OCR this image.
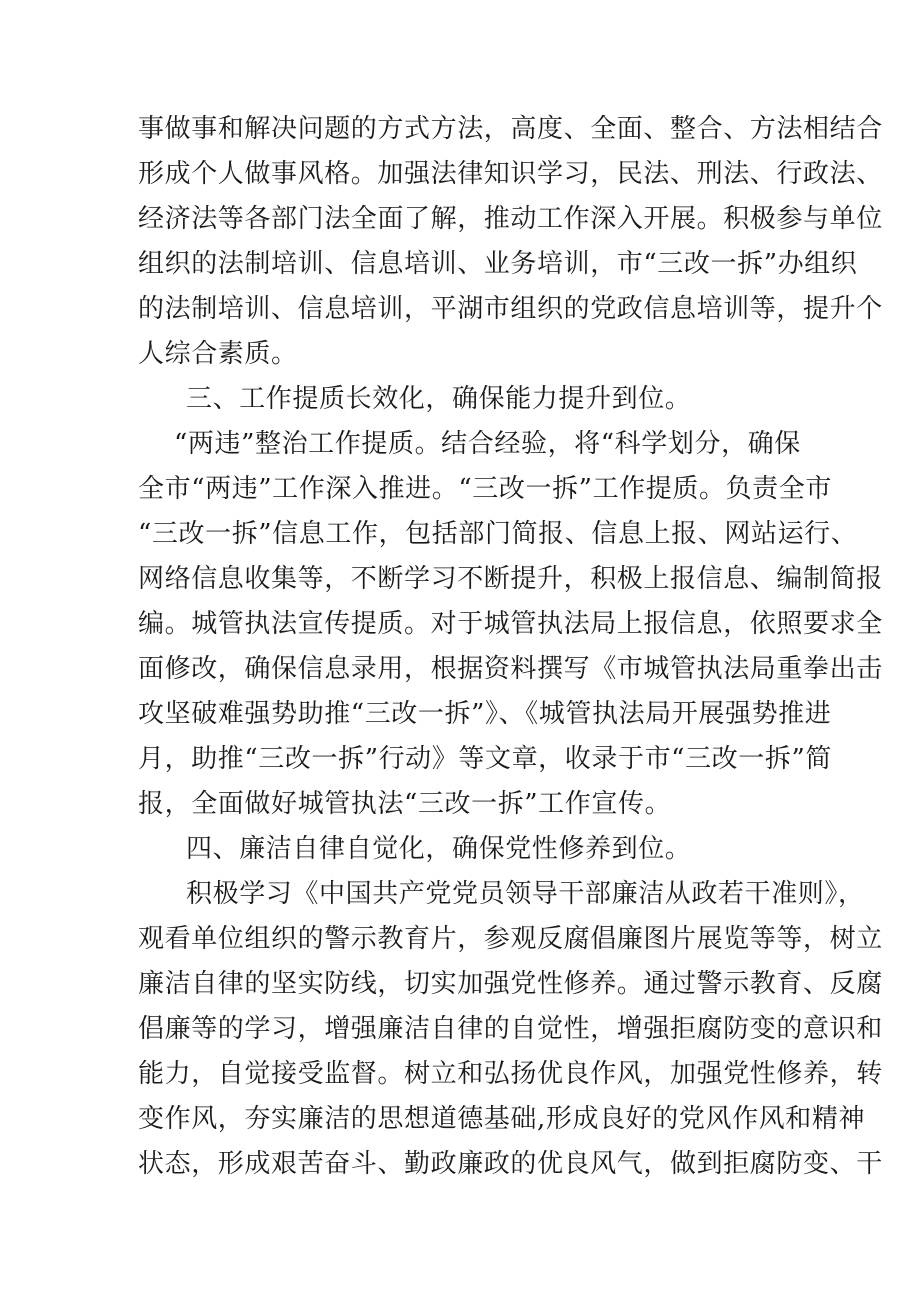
事做事和解决问题的方式方法，高度、全面、整合、方法相结合
形成个人做事风格。加强法律知识学习，民法、刑法、行政法、
经济法等各部门法全面了解，推动工作深入开展。积极参与单位
组织的法制培训、信息培训、业务培训，市“三改一拆”办组织
的法制培训、信息培训，平湖市组织的党政信息培训等，提升个
人综合素质。
三、工作提质长效化，确保能力提升到位。
“两违”整治工作提质。结合经验，将“科学划分，确保
全市“两违”工作深入推进。“三改一拆”工作提质。负责全市
“三改一拆”信息工作，包括部门简报、信息上报、网站运行、
网络信息收集等，不断学习不断提升，积极上报信息、编制简报
编。城管执法宣传提质。对于城管执法局上报信息，依照要求全
面修改，确保信息录用，根据资料撰写《市城管执法局重拳出击
攻坚破难强势助推“三改一拆”》、《城管执法局开展强势推进
月，助推“三改一拆”行动》等文章，收录于市“三改一拆”简
报，全面做好城管执法“三改一拆”工作宣传。
四、廉洁自律自觉化，确保党性修养到位。
积极学习《中国共产党党员领导干部廉洁从政若干准则》，
观看单位组织的警示教育片，参观反腐倡廉图片展览等等，树立
廉洁自律的坚实防线，切实加强党性修养。通过警示教育、反腐
倡廉等的学习，增强廉洁自律的自觉性，增强拒腐防变的意识和
能力，自觉接受监督。树立和弘扬优良作风，加强党性修养，转
变作风，夯实廉洁的思想道德基础,形成良好的党风作风和精神
状态，形成艰苦奋斗、勤政廉政的优良风气，做到拒腐防变、干
